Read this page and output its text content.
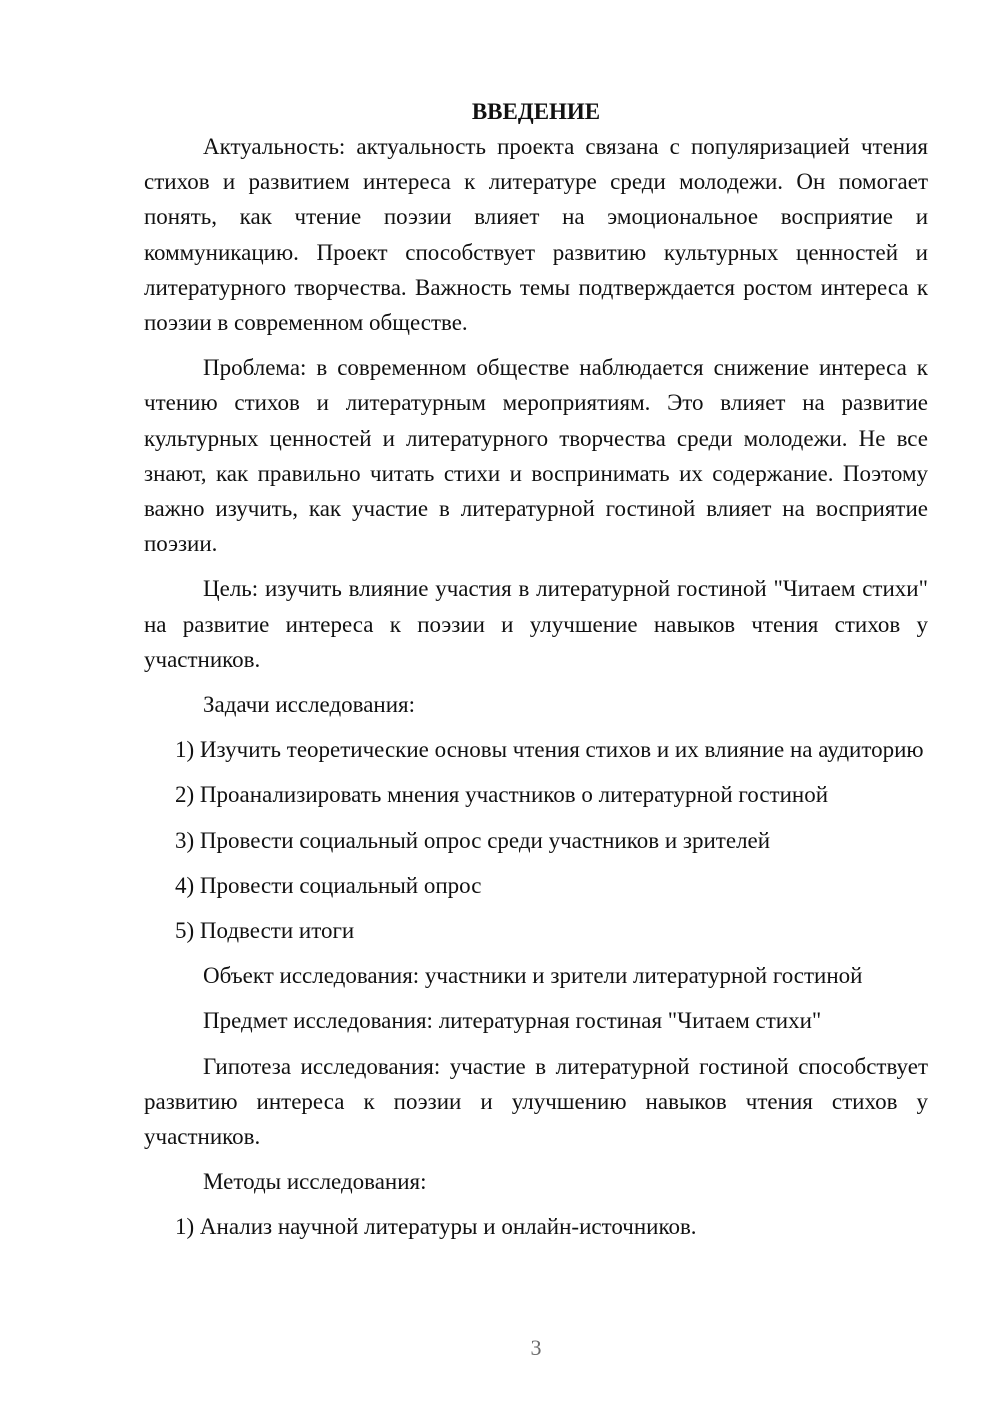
ВВЕДЕНИЕ

Актуальность: актуальность проекта связана с популяризацией чтения стихов и развитием интереса к литературе среди молодежи. Он помогает понять, как чтение поэзии влияет на эмоциональное восприятие и коммуникацию. Проект способствует развитию культурных ценностей и литературного творчества. Важность темы подтверждается ростом интереса к поэзии в современном обществе.

Проблема: в современном обществе наблюдается снижение интереса к чтению стихов и литературным мероприятиям. Это влияет на развитие культурных ценностей и литературного творчества среди молодежи. Не все знают, как правильно читать стихи и воспринимать их содержание. Поэтому важно изучить, как участие в литературной гостиной влияет на восприятие поэзии.

Цель: изучить влияние участия в литературной гостиной "Читаем стихи" на развитие интереса к поэзии и улучшение навыков чтения стихов у участников.

Задачи исследования:

1) Изучить теоретические основы чтения стихов и их влияние на аудиторию

2) Проанализировать мнения участников о литературной гостиной

3) Провести социальный опрос среди участников и зрителей

4) Провести социальный опрос

5) Подвести итоги

Объект исследования: участники и зрители литературной гостиной

Предмет исследования: литературная гостиная "Читаем стихи"

Гипотеза исследования: участие в литературной гостиной способствует развитию интереса к поэзии и улучшению навыков чтения стихов у участников.

Методы исследования:

1) Анализ научной литературы и онлайн-источников.

3
